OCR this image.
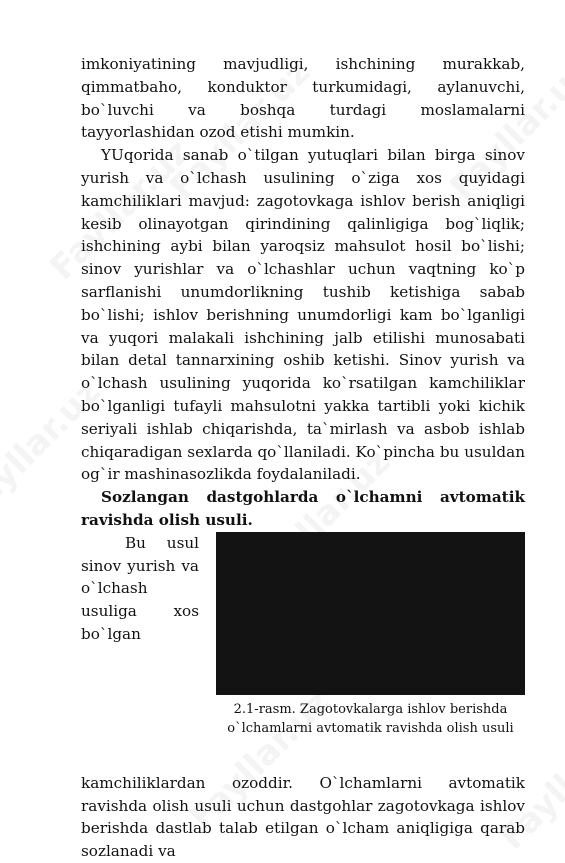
imkoniyatining mavjudligi, ishchining murakkab, qimmatbaho, konduktor turkumidagi, aylanuvchi, bo`luvchi va boshqa turdagi moslamalarni tayyorlashidan ozod etishi mumkin.

YUqorida sanab o`tilgan yutuqlari bilan birga sinov yurish va o`lchash usulining o`ziga xos quyidagi kamchiliklari mavjud: zagotovkaga ishlov berish aniqligi kesib olinayotgan qirindining qalinligiga bog`liqlik; ishchining aybi bilan yaroqsiz mahsulot hosil bo`lishi; sinov yurishlar va o`lchashlar uchun vaqtning ko`p sarflanishi unumdorlikning tushib ketishiga sabab bo`lishi; ishlov berishning unumdorligi kam bo`lganligi va yuqori malakali ishchining jalb etilishi munosabati bilan detal tannarxining oshib ketishi. Sinov yurish va o`lchash usulining yuqorida ko`rsatilgan kamchiliklar bo`lganligi tufayli mahsulotni yakka tartibli yoki kichik seriyali ishlab chiqarishda, ta`mirlash va asbob ishlab chiqaradigan sexlarda qo`llaniladi. Ko`pincha bu usuldan og`ir mashinasozlikda foydalaniladi.

Sozlangan dastgohlarda o`lchamni avtomatik ravishda olish usuli.

Bu usul sinov yurish va o`lchash usuliga xos bo`lgan

2.1-rasm. Zagotovkalarga ishlov berishda
o`lchamlarni avtomatik ravishda olish usuli

kamchiliklardan ozoddir. O`lchamlarni avtomatik ravishda olish usuli uchun dastgohlar zagotovkaga ishlov berishda dastlab talab etilgan o`lcham aniqligiga qarab sozlanadi va
